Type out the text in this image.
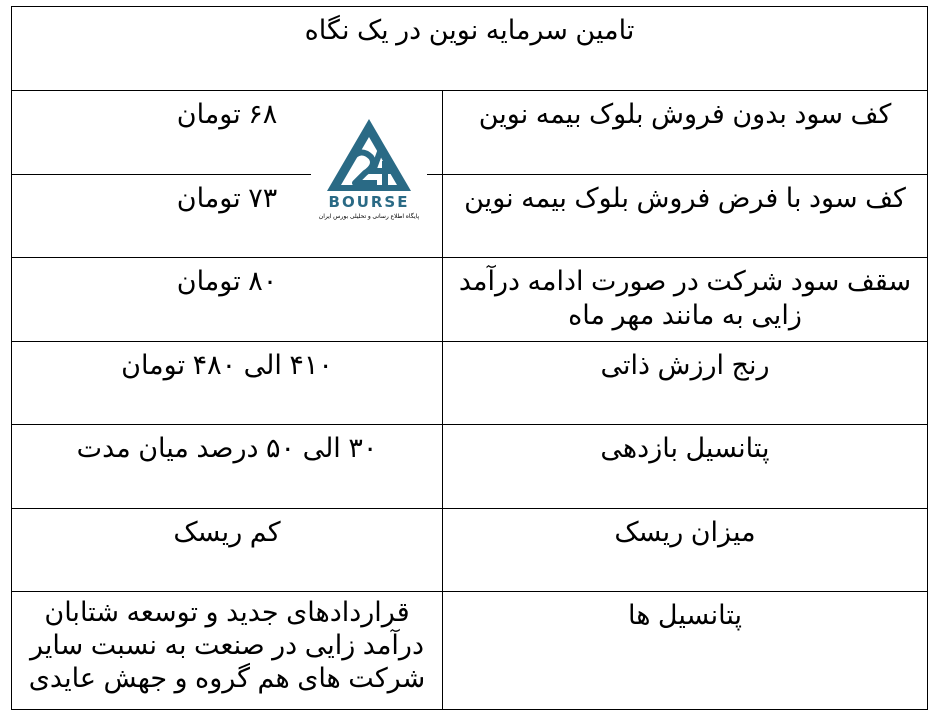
تامین سرمایه نوین در یک نگاه
کف سود بدون فروش بلوک بیمه نوین
۶۸ تومان
کف سود با فرض فروش بلوک بیمه نوین
۷۳ تومان
سقف سود شرکت در صورت ادامه درآمد زایی به مانند مهر ماه
۸۰ تومان
رنج ارزش ذاتی
۴۱۰ الی ۴۸۰ تومان
پتانسیل بازدهی
۳۰ الی ۵۰ درصد میان مدت
میزان ریسک
کم ریسک
پتانسیل ها
قراردادهای جدید و توسعه شتابان درآمد زایی در صنعت به نسبت سایر شرکت های هم گروه و جهش عایدی
BOURSE
پایگاه اطلاع رسانی و تحلیلی بورس ایران
